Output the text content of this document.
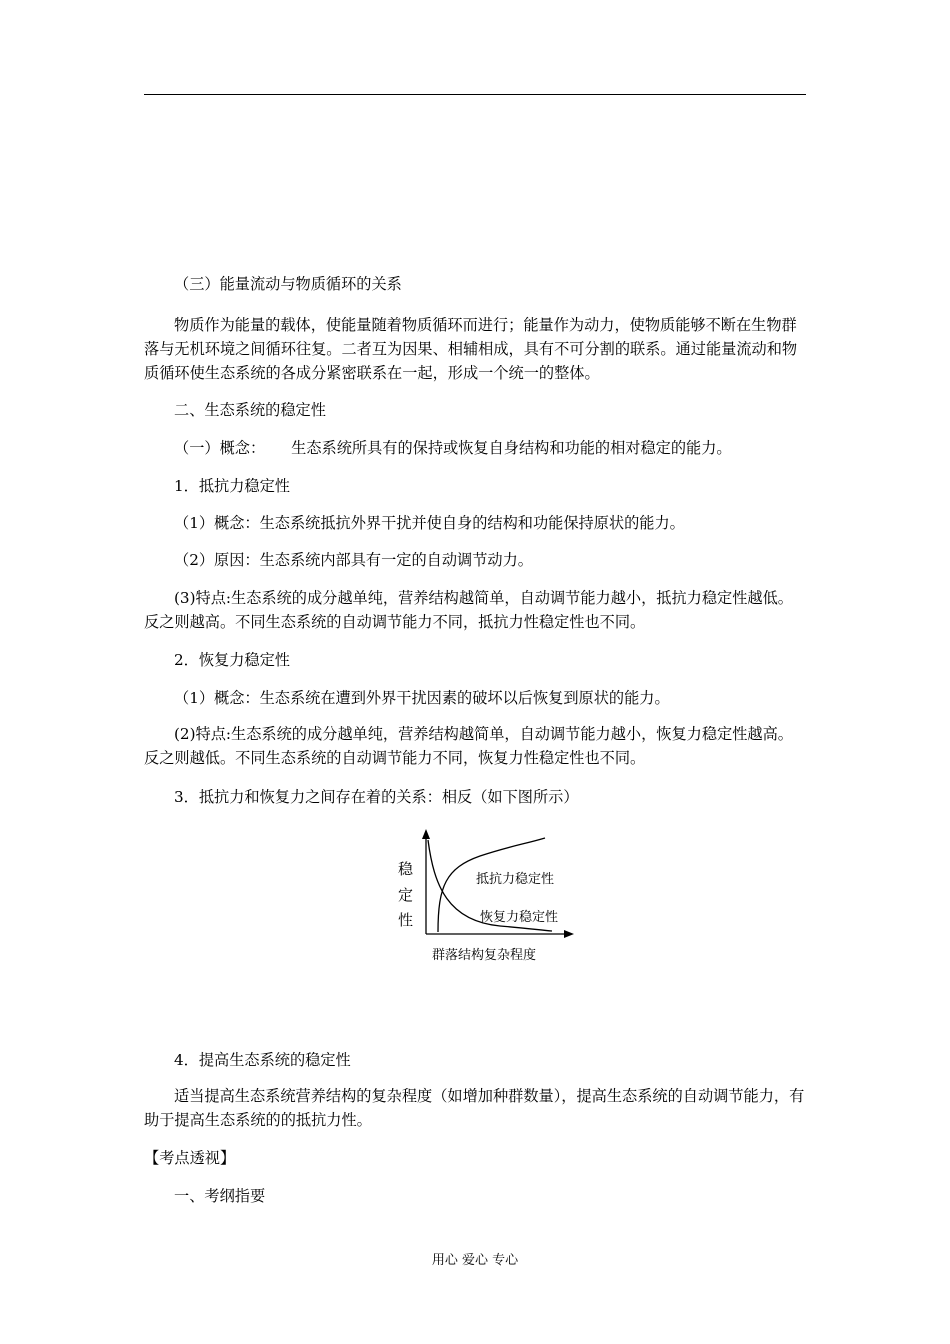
（三）能量流动与物质循环的关系

物质作为能量的载体，使能量随着物质循环而进行；能量作为动力，使物质能够不断在生物群落与无机环境之间循环往复。二者互为因果、相辅相成，具有不可分割的联系。通过能量流动和物质循环使生态系统的各成分紧密联系在一起，形成一个统一的整体。

二、生态系统的稳定性

（一）概念： 生态系统所具有的保持或恢复自身结构和功能的相对稳定的能力。

1．抵抗力稳定性

（1）概念：生态系统抵抗外界干扰并使自身的结构和功能保持原状的能力。

（2）原因：生态系统内部具有一定的自动调节动力。

(3)特点:生态系统的成分越单纯，营养结构越简单，自动调节能力越小，抵抗力稳定性越低。反之则越高。不同生态系统的自动调节能力不同，抵抗力性稳定性也不同。

2．恢复力稳定性

（1）概念：生态系统在遭到外界干扰因素的破坏以后恢复到原状的能力。

(2)特点:生态系统的成分越单纯，营养结构越简单，自动调节能力越小，恢复力稳定性越高。反之则越低。不同生态系统的自动调节能力不同，恢复力性稳定性也不同。

3．抵抗力和恢复力之间存在着的关系：相反（如下图所示）

稳
定
性
抵抗力稳定性
恢复力稳定性
群落结构复杂程度

4．提高生态系统的稳定性

适当提高生态系统营养结构的复杂程度（如增加种群数量），提高生态系统的自动调节能力，有助于提高生态系统的的抵抗力性。

【考点透视】

一、考纲指要

用心 爱心 专心
